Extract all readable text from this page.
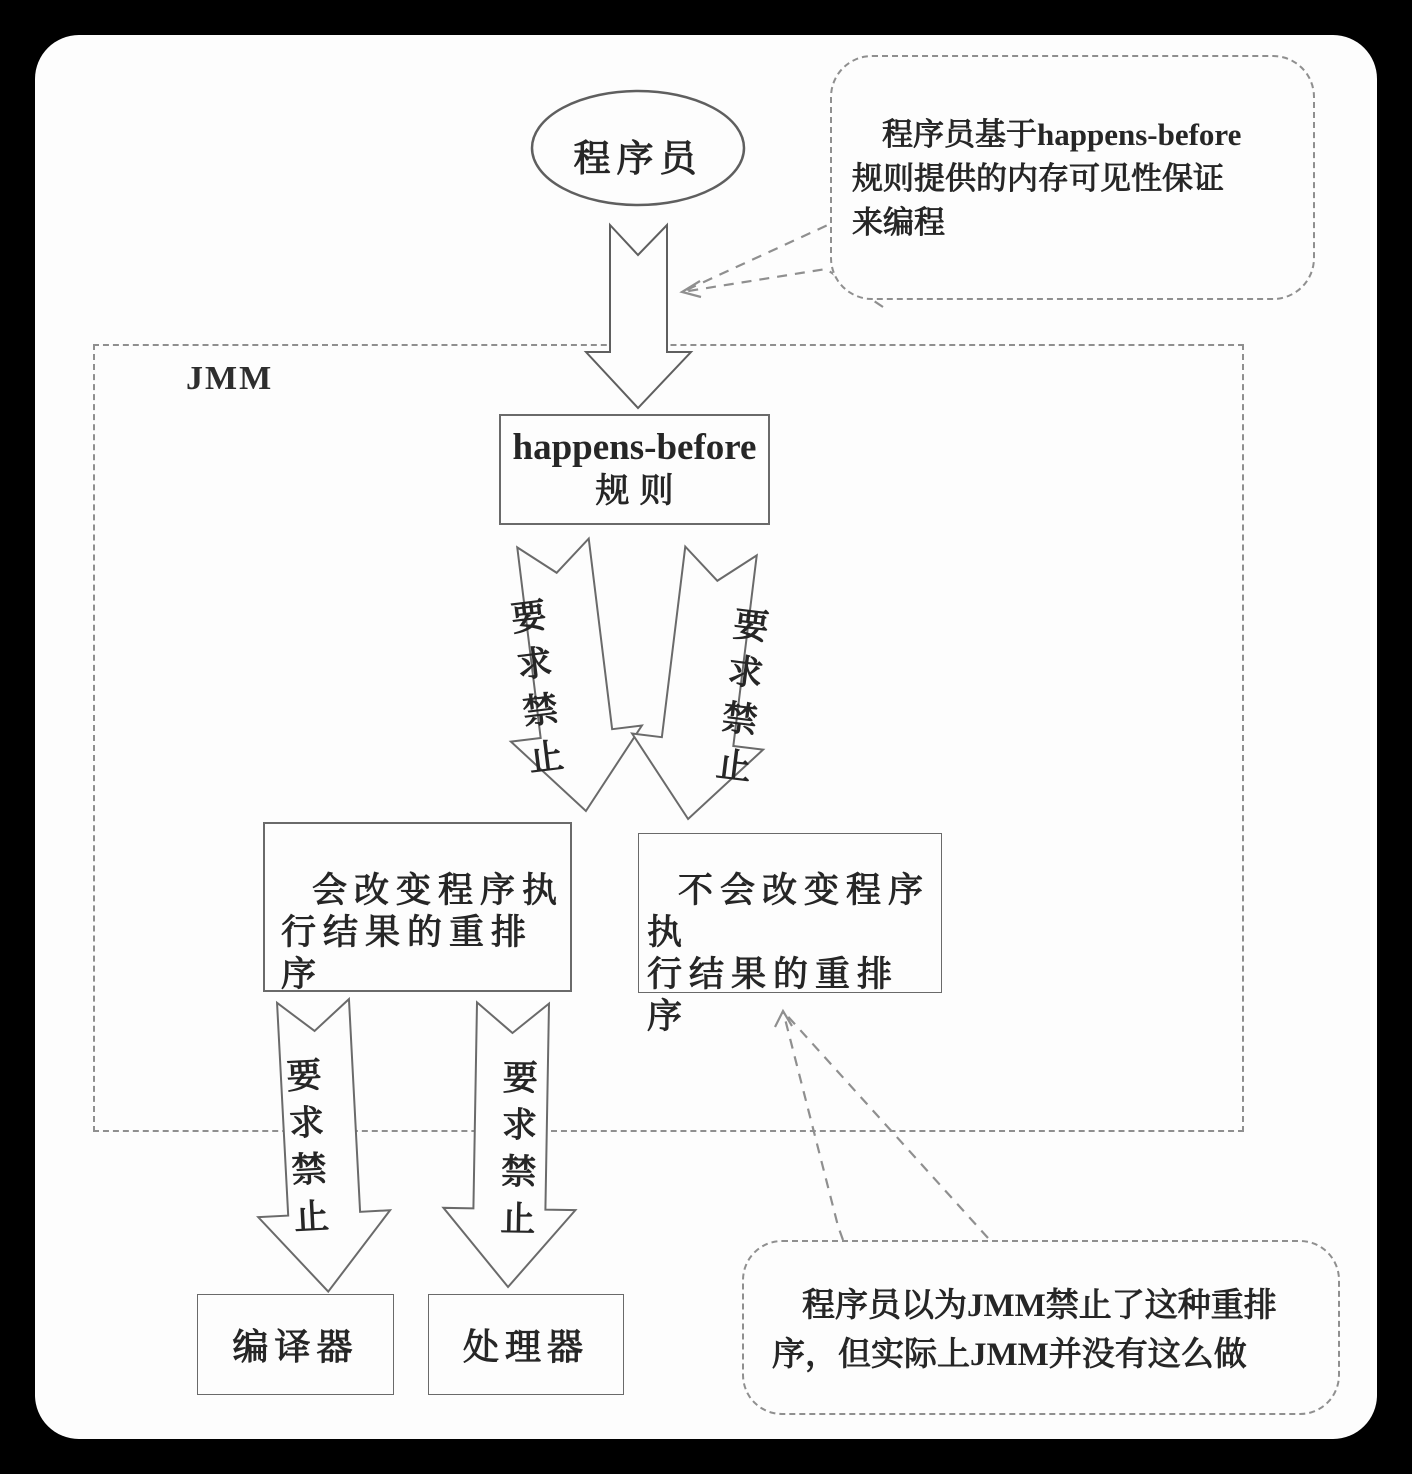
JMM
程序员
happens-before
规则
要求禁止	要求禁止
要求禁止	要求禁止
会改变程序执
行结果的重排序
不会改变程序执
行结果的重排序
编译器	处理器
程序员基于happens-before
规则提供的内存可见性保证
来编程
程序员以为JMM禁止了这种重排
序，但实际上JMM并没有这么做
